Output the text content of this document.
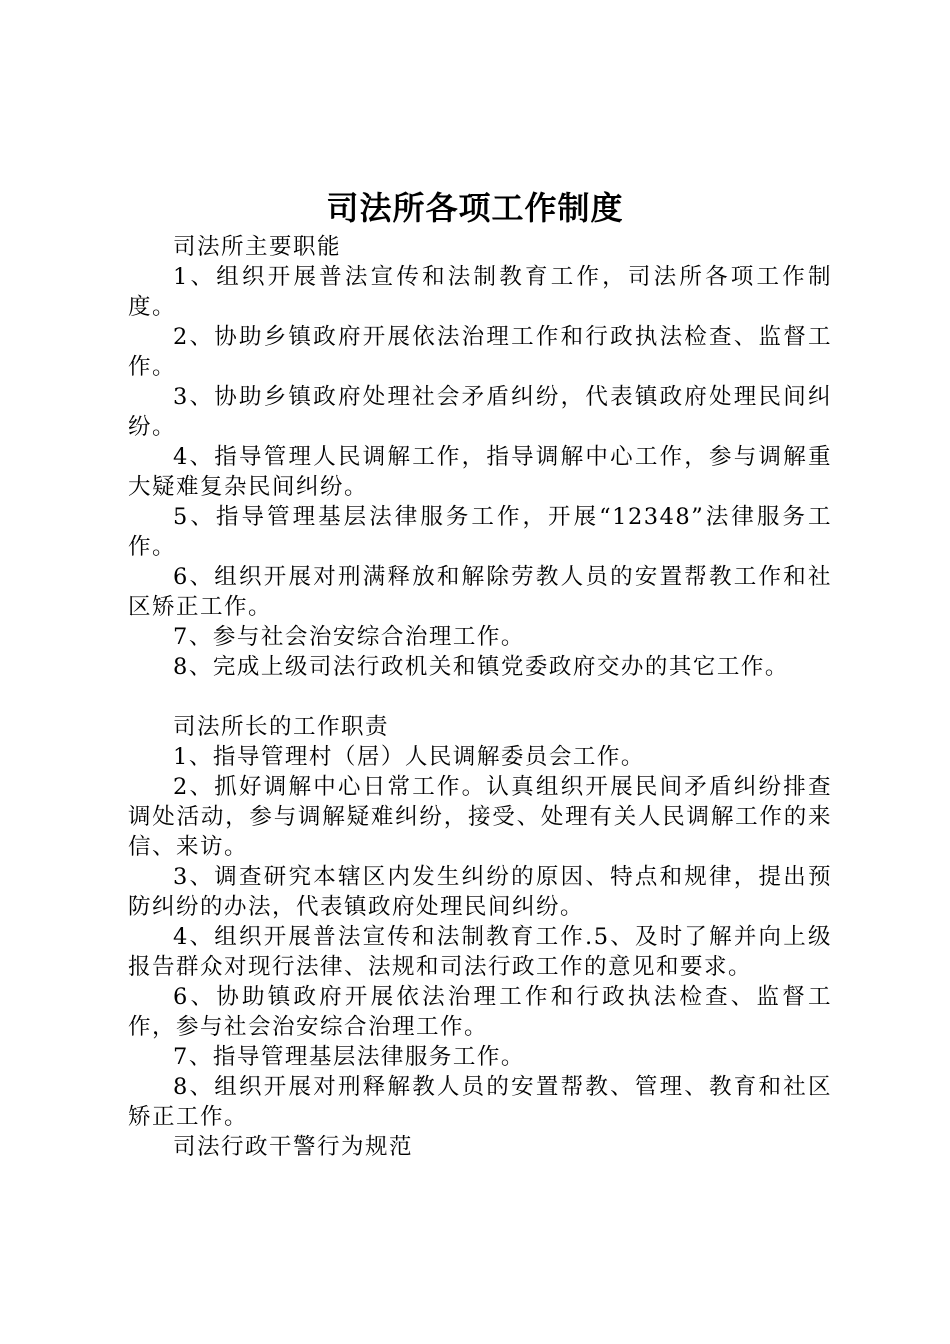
司法所各项工作制度

司法所主要职能

1、组织开展普法宣传和法制教育工作，司法所各项工作制度。

2、协助乡镇政府开展依法治理工作和行政执法检查、监督工作。

3、协助乡镇政府处理社会矛盾纠纷，代表镇政府处理民间纠纷。

4、指导管理人民调解工作，指导调解中心工作，参与调解重大疑难复杂民间纠纷。

5、指导管理基层法律服务工作，开展“12348”法律服务工作。

6、组织开展对刑满释放和解除劳教人员的安置帮教工作和社区矫正工作。

7、参与社会治安综合治理工作。

8、完成上级司法行政机关和镇党委政府交办的其它工作。

司法所长的工作职责

1、指导管理村（居）人民调解委员会工作。

2、抓好调解中心日常工作。认真组织开展民间矛盾纠纷排查调处活动，参与调解疑难纠纷，接受、处理有关人民调解工作的来信、来访。

3、调查研究本辖区内发生纠纷的原因、特点和规律，提出预防纠纷的办法，代表镇政府处理民间纠纷。

4、组织开展普法宣传和法制教育工作.5、及时了解并向上级报告群众对现行法律、法规和司法行政工作的意见和要求。

6、协助镇政府开展依法治理工作和行政执法检查、监督工作，参与社会治安综合治理工作。

7、指导管理基层法律服务工作。

8、组织开展对刑释解教人员的安置帮教、管理、教育和社区矫正工作。

司法行政干警行为规范
